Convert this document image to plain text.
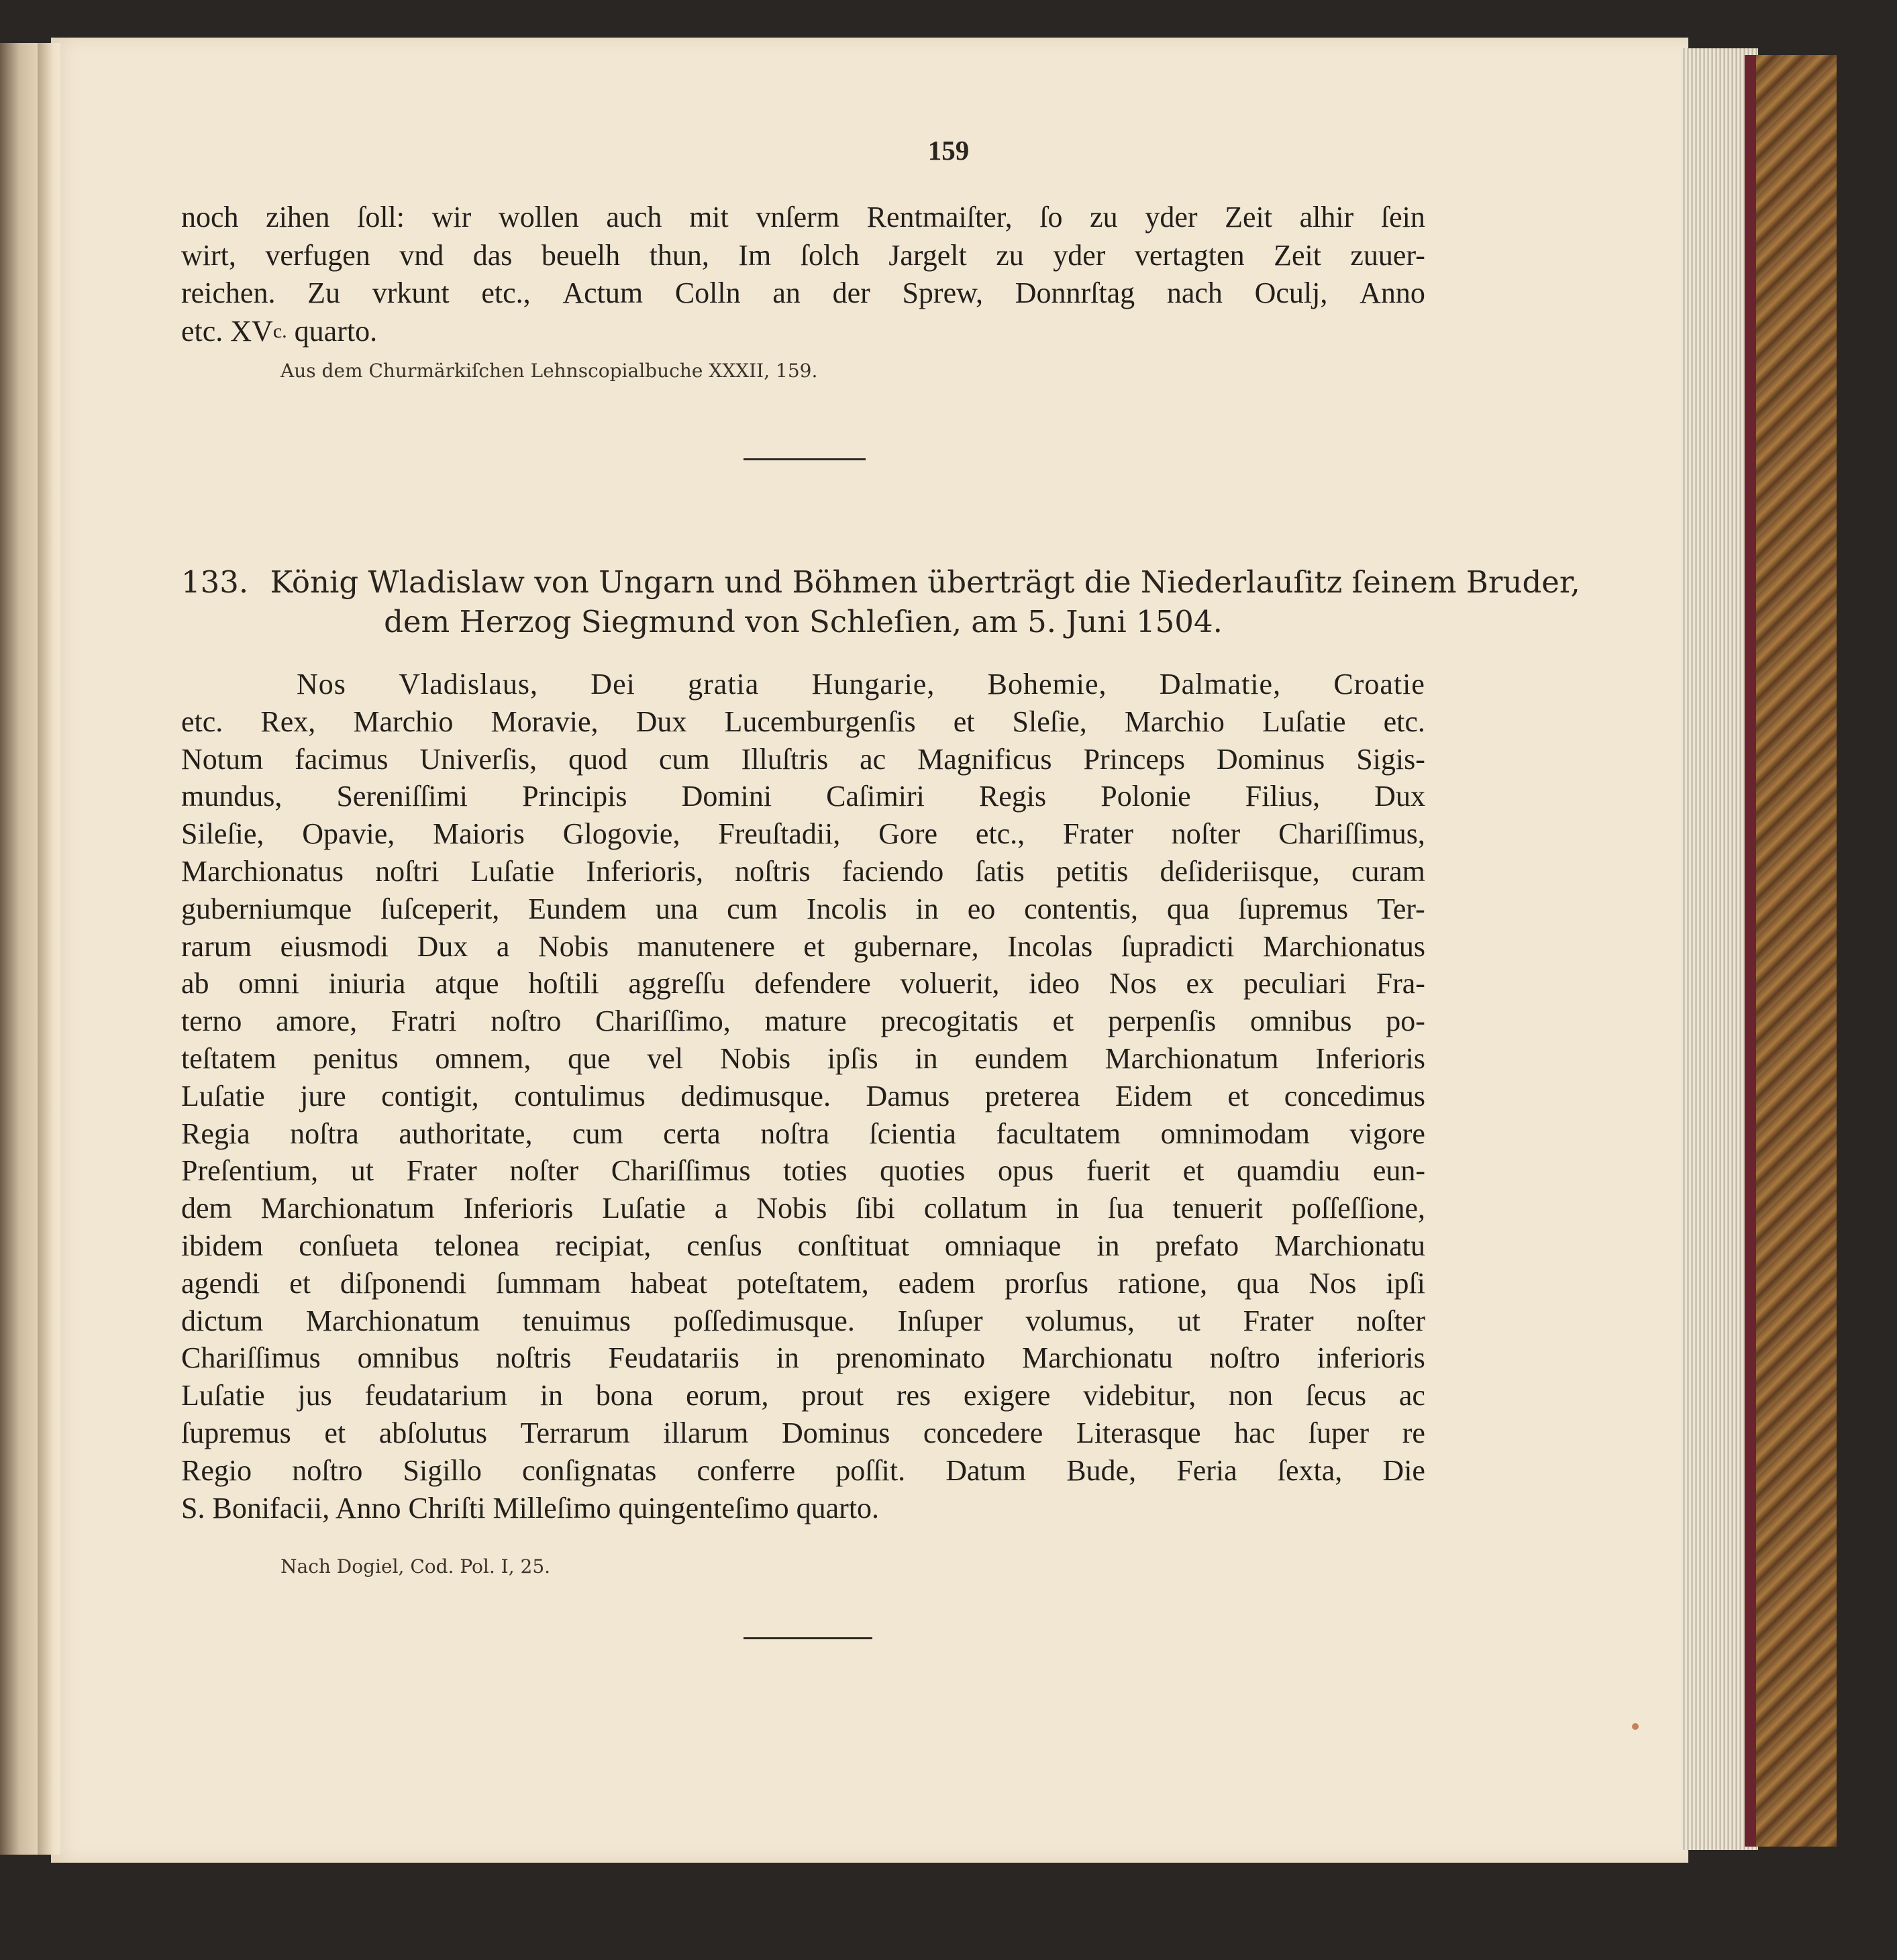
159
noch zihen ſoll: wir wollen auch mit vnſerm Rentmaiſter, ſo zu yder Zeit alhir ſein
wirt, verfugen vnd das beuelh thun, Im ſolch Jargelt zu yder vertagten Zeit zuuer-
reichen. Zu vrkunt etc., Actum Colln an der Sprew, Donnrſtag nach Oculj, Anno
etc. XV c. quarto.
Aus dem Churmärkiſchen Lehnscopialbuche XXXII, 159.
133. König Wladislaw von Ungarn und Böhmen überträgt die Niederlauſitz ſeinem Bruder,
dem Herzog Siegmund von Schleſien, am 5. Juni 1504.
Nos Vladislaus, Dei gratia Hungarie, Bohemie, Dalmatie, Croatie
etc. Rex, Marchio Moravie, Dux Lucemburgenſis et Sleſie, Marchio Luſatie etc.
Notum facimus Univerſis, quod cum Illuſtris ac Magnificus Princeps Dominus Sigis-
mundus, Sereniſſimi Principis Domini Caſimiri Regis Polonie Filius, Dux
Sileſie, Opavie, Maioris Glogovie, Freuſtadii, Gore etc., Frater noſter Chariſſimus,
Marchionatus noſtri Luſatie Inferioris, noſtris faciendo ſatis petitis deſideriisque, curam
guberniumque ſuſceperit, Eundem una cum Incolis in eo contentis, qua ſupremus Ter-
rarum eiusmodi Dux a Nobis manutenere et gubernare, Incolas ſupradicti Marchionatus
ab omni iniuria atque hoſtili aggreſſu defendere voluerit, ideo Nos ex peculiari Fra-
terno amore, Fratri noſtro Chariſſimo, mature precogitatis et perpenſis omnibus po-
teſtatem penitus omnem, que vel Nobis ipſis in eundem Marchionatum Inferioris
Luſatie jure contigit, contulimus dedimusque. Damus preterea Eidem et concedimus
Regia noſtra authoritate, cum certa noſtra ſcientia facultatem omnimodam vigore
Preſentium, ut Frater noſter Chariſſimus toties quoties opus fuerit et quamdiu eun-
dem Marchionatum Inferioris Luſatie a Nobis ſibi collatum in ſua tenuerit poſſeſſione,
ibidem conſueta telonea recipiat, cenſus conſtituat omniaque in prefato Marchionatu
agendi et diſponendi ſummam habeat poteſtatem, eadem prorſus ratione, qua Nos ipſi
dictum Marchionatum tenuimus poſſedimusque. Inſuper volumus, ut Frater noſter
Chariſſimus omnibus noſtris Feudatariis in prenominato Marchionatu noſtro inferioris
Luſatie jus feudatarium in bona eorum, prout res exigere videbitur, non ſecus ac
ſupremus et abſolutus Terrarum illarum Dominus concedere Literasque hac ſuper re
Regio noſtro Sigillo conſignatas conferre poſſit. Datum Bude, Feria ſexta, Die
S. Bonifacii, Anno Chriſti Milleſimo quingenteſimo quarto.
Nach Dogiel, Cod. Pol. I, 25.
